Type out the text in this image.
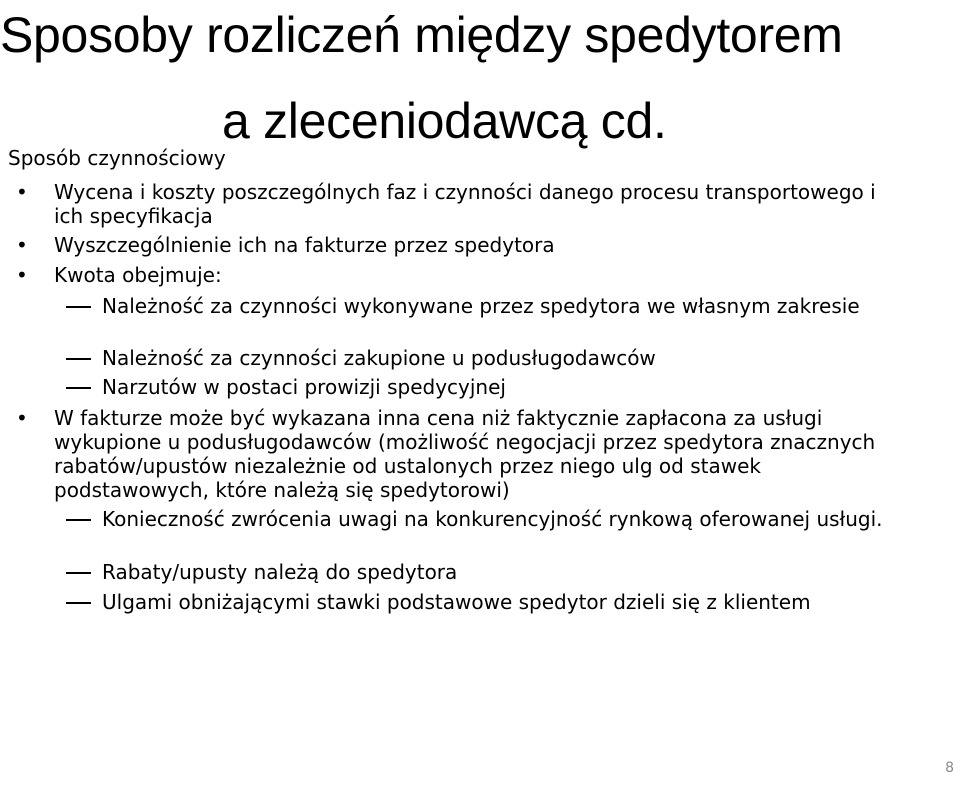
Sposoby rozliczeń między spedytorem
a zleceniodawcą cd.
Sposób czynnościowy
• Wycena i koszty poszczególnych faz i czynności danego procesu transportowego i ich specyfikacja
• Wyszczególnienie ich na fakturze przez spedytora
• Kwota obejmuje:
Należność za czynności wykonywane przez spedytora we własnym zakresie
Należność za czynności zakupione u podusługodawców
Narzutów w postaci prowizji spedycyjnej
• W fakturze może być wykazana inna cena niż faktycznie zapłacona za usługi wykupione u podusługodawców (możliwość negocjacji przez spedytora znacznych rabatów/upustów niezależnie od ustalonych przez niego ulg od stawek podstawowych, które należą się spedytorowi)
Konieczność zwrócenia uwagi na konkurencyjność rynkową oferowanej usługi.
Rabaty/upusty należą do spedytora
Ulgami obniżającymi stawki podstawowe spedytor dzieli się z klientem
8
